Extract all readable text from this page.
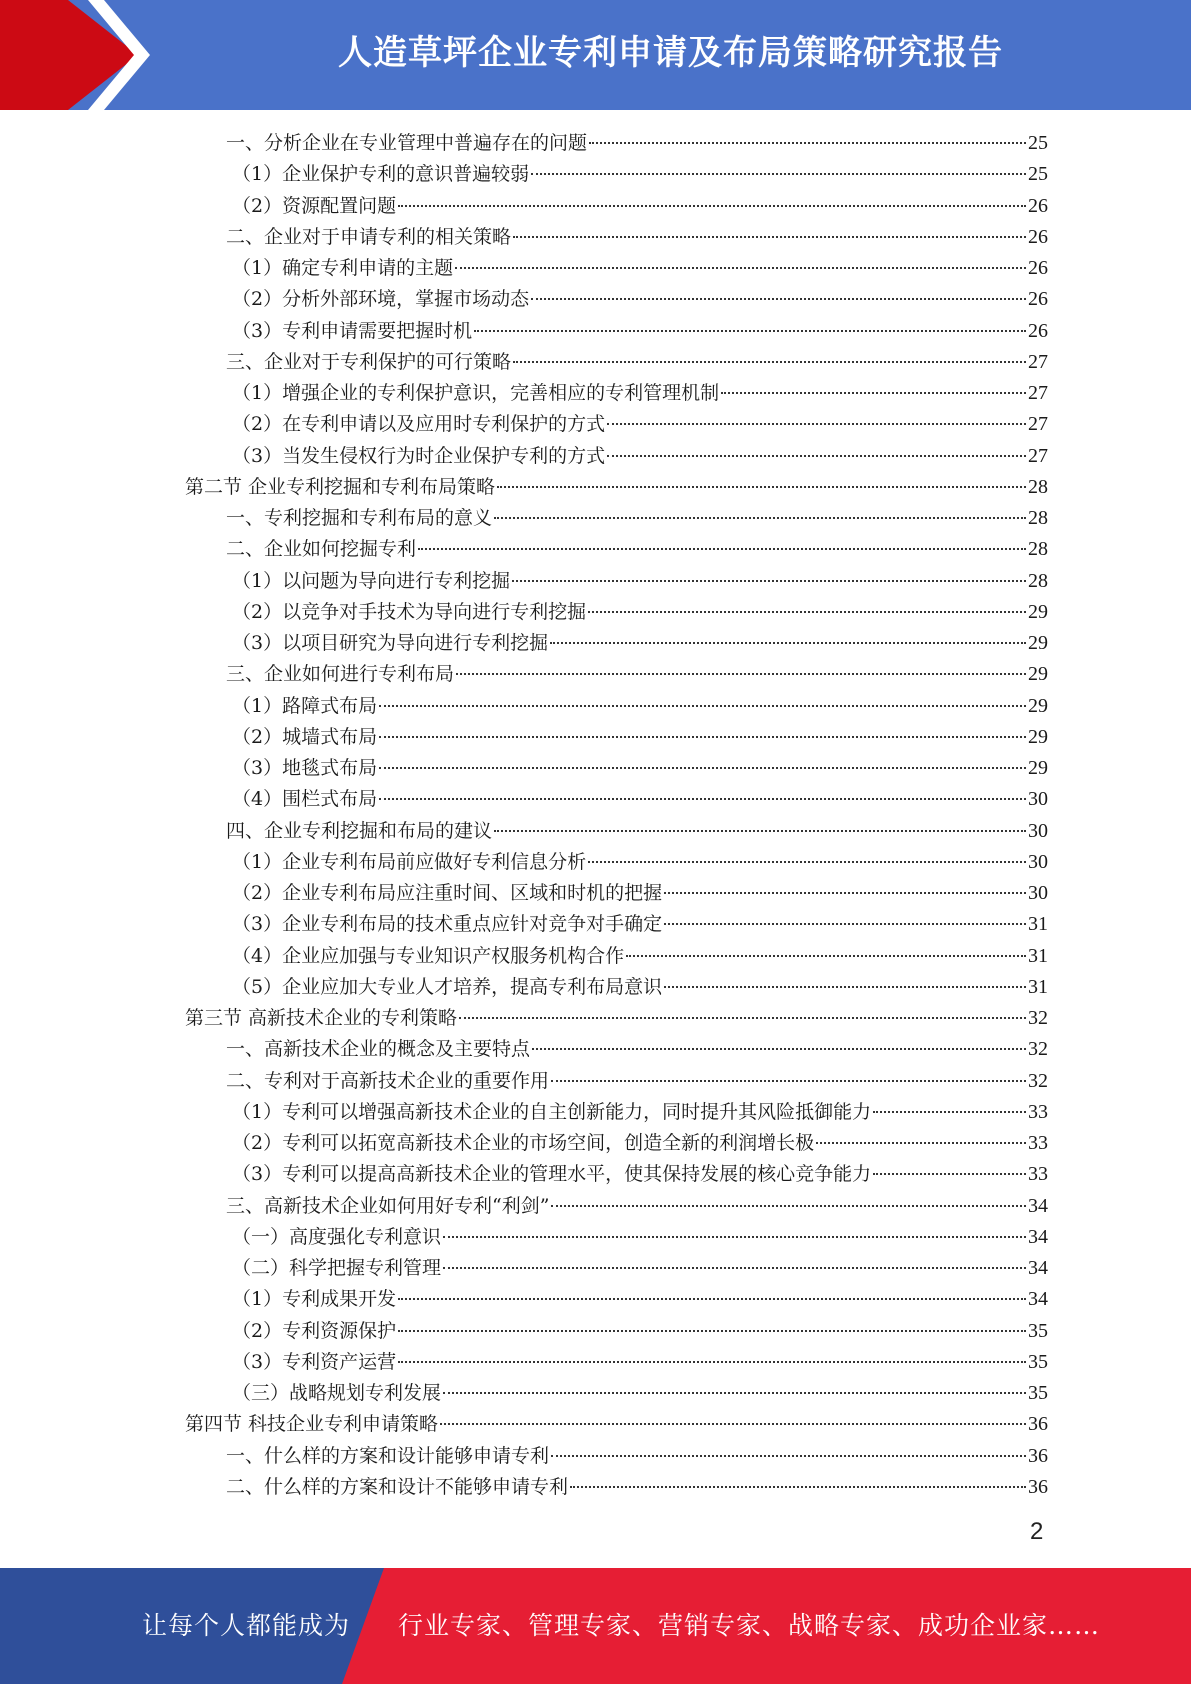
人造草坪企业专利申请及布局策略研究报告
一、分析企业在专业管理中普遍存在的问题	25
（1）企业保护专利的意识普遍较弱	25
（2）资源配置问题	26
二、企业对于申请专利的相关策略	26
（1）确定专利申请的主题	26
（2）分析外部环境，掌握市场动态	26
（3）专利申请需要把握时机	26
三、企业对于专利保护的可行策略	27
（1）增强企业的专利保护意识，完善相应的专利管理机制	27
（2）在专利申请以及应用时专利保护的方式	27
（3）当发生侵权行为时企业保护专利的方式	27
第二节 企业专利挖掘和专利布局策略	28
一、专利挖掘和专利布局的意义	28
二、企业如何挖掘专利	28
（1）以问题为导向进行专利挖掘	28
（2）以竞争对手技术为导向进行专利挖掘	29
（3）以项目研究为导向进行专利挖掘	29
三、企业如何进行专利布局	29
（1）路障式布局	29
（2）城墙式布局	29
（3）地毯式布局	29
（4）围栏式布局	30
四、企业专利挖掘和布局的建议	30
（1）企业专利布局前应做好专利信息分析	30
（2）企业专利布局应注重时间、区域和时机的把握	30
（3）企业专利布局的技术重点应针对竞争对手确定	31
（4）企业应加强与专业知识产权服务机构合作	31
（5）企业应加大专业人才培养，提高专利布局意识	31
第三节 高新技术企业的专利策略	32
一、高新技术企业的概念及主要特点	32
二、专利对于高新技术企业的重要作用	32
（1）专利可以增强高新技术企业的自主创新能力，同时提升其风险抵御能力	33
（2）专利可以拓宽高新技术企业的市场空间，创造全新的利润增长极	33
（3）专利可以提高高新技术企业的管理水平，使其保持发展的核心竞争能力	33
三、高新技术企业如何用好专利“利剑”	34
（一）高度强化专利意识	34
（二）科学把握专利管理	34
（1）专利成果开发	34
（2）专利资源保护	35
（3）专利资产运营	35
（三）战略规划专利发展	35
第四节 科技企业专利申请策略	36
一、什么样的方案和设计能够申请专利	36
二、什么样的方案和设计不能够申请专利	36
2
让每个人都能成为 行业专家、管理专家、营销专家、战略专家、成功企业家……
